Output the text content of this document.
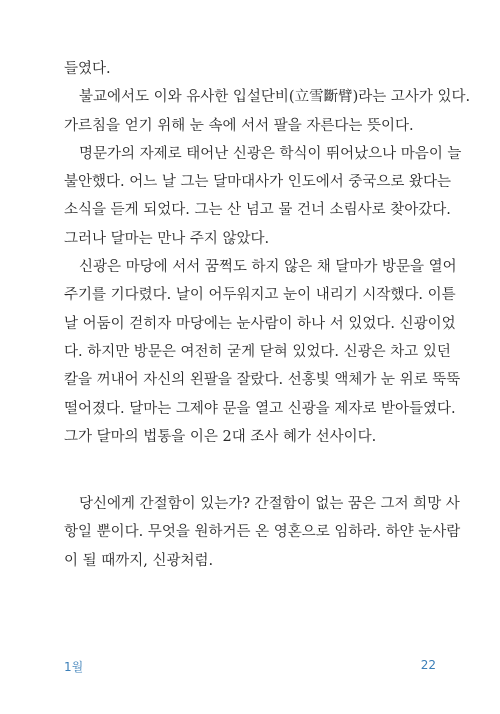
들였다.
불교에서도 이와 유사한 입설단비(立雪斷臂)라는 고사가 있다.
가르침을 얻기 위해 눈 속에 서서 팔을 자른다는 뜻이다.
명문가의 자제로 태어난 신광은 학식이 뛰어났으나 마음이 늘
불안했다. 어느 날 그는 달마대사가 인도에서 중국으로 왔다는
소식을 듣게 되었다. 그는 산 넘고 물 건너 소림사로 찾아갔다.
그러나 달마는 만나 주지 않았다.
신광은 마당에 서서 꿈쩍도 하지 않은 채 달마가 방문을 열어
주기를 기다렸다. 날이 어두워지고 눈이 내리기 시작했다. 이튿
날 어둠이 걷히자 마당에는 눈사람이 하나 서 있었다. 신광이었
다. 하지만 방문은 여전히 굳게 닫혀 있었다. 신광은 차고 있던
칼을 꺼내어 자신의 왼팔을 잘랐다. 선홍빛 액체가 눈 위로 뚝뚝
떨어졌다. 달마는 그제야 문을 열고 신광을 제자로 받아들였다.
그가 달마의 법통을 이은 2대 조사 혜가 선사이다.
당신에게 간절함이 있는가? 간절함이 없는 꿈은 그저 희망 사
항일 뿐이다. 무엇을 원하거든 온 영혼으로 임하라. 하얀 눈사람
이 될 때까지, 신광처럼.
1월	22
